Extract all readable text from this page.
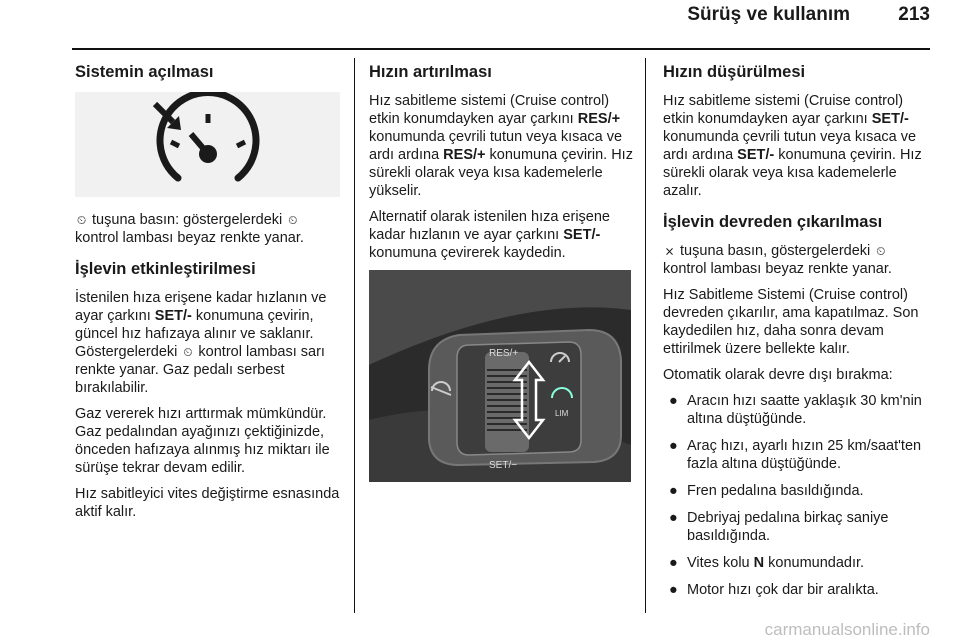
Sürüş ve kullanım	213
Sistemin açılması

⏲ tuşuna basın: göstergelerdeki ⏲ kontrol lambası beyaz renkte yanar.

İşlevin etkinleştirilmesi

İstenilen hıza erişene kadar hızlanın ve ayar çarkını SET/- konumuna çevirin, güncel hız hafızaya alınır ve saklanır. Göstergelerdeki ⏲ kontrol lambası sarı renkte yanar. Gaz pedalı serbest bırakılabilir.

Gaz vererek hızı arttırmak mümkündür. Gaz pedalından ayağınızı çektiğinizde, önceden hafızaya alınmış hız miktarı ile sürüşe tekrar devam edilir.

Hız sabitleyici vites değiştirme esnasında aktif kalır.

Hızın artırılması

Hız sabitleme sistemi (Cruise control) etkin konumdayken ayar çarkını RES/+ konumunda çevrili tutun veya kısaca ve ardı ardına RES/+ konumuna çevirin. Hız sürekli olarak veya kısa kademelerle yükselir.

Alternatif olarak istenilen hıza erişene kadar hızlanın ve ayar çarkını SET/- konumuna çevirerek kaydedin.

RES/+
SET/−
LIM
Hızın düşürülmesi

Hız sabitleme sistemi (Cruise control) etkin konumdayken ayar çarkını SET/- konumunda çevrili tutun veya kısaca ve ardı ardına SET/- konumuna çevirin. Hız sürekli olarak veya kısa kademelerle azalır.

İşlevin devreden çıkarılması

⨯ tuşuna basın, göstergelerdeki ⏲ kontrol lambası beyaz renkte yanar.

Hız Sabitleme Sistemi (Cruise control) devreden çıkarılır, ama kapatılmaz. Son kaydedilen hız, daha sonra devam ettirilmek üzere bellekte kalır.

Otomatik olarak devre dışı bırakma:

● Aracın hızı saatte yaklaşık 30 km'nin altına düştüğünde.
● Araç hızı, ayarlı hızın 25 km/saat'ten fazla altına düştüğünde.
● Fren pedalına basıldığında.
● Debriyaj pedalına birkaç saniye basıldığında.
● Vites kolu N konumundadır.
● Motor hızı çok dar bir aralıkta.
carmanualsonline.info
